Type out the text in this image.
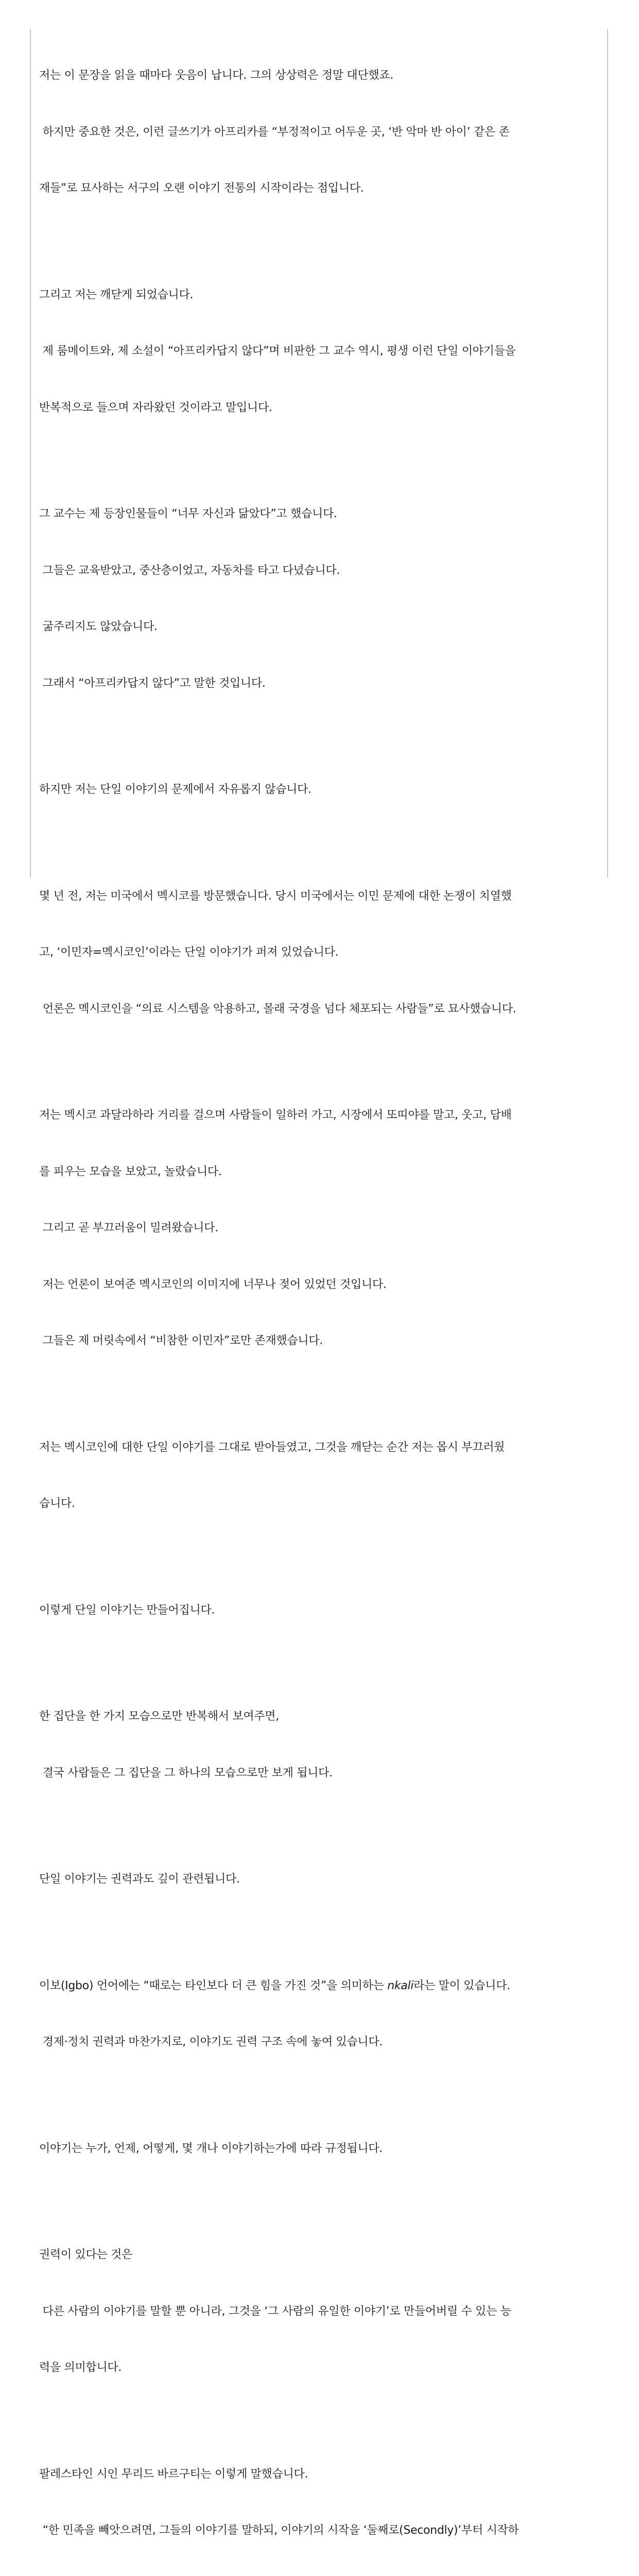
저는 이 문장을 읽을 때마다 웃음이 납니다. 그의 상상력은 정말 대단했죠.

하지만 중요한 것은, 이런 글쓰기가 아프리카를 “부정적이고 어두운 곳, ‘반 악마 반 아이’ 같은 존

재들”로 묘사하는 서구의 오랜 이야기 전통의 시작이라는 점입니다.

그리고 저는 깨닫게 되었습니다.

제 룸메이트와, 제 소설이 “아프리카답지 않다”며 비판한 그 교수 역시, 평생 이런 단일 이야기들을

반복적으로 들으며 자라왔던 것이라고 말입니다.

그 교수는 제 등장인물들이 “너무 자신과 닮았다”고 했습니다.

그들은 교육받았고, 중산층이었고, 자동차를 타고 다녔습니다.

굶주리지도 않았습니다.

그래서 “아프리카답지 않다”고 말한 것입니다.

하지만 저는 단일 이야기의 문제에서 자유롭지 않습니다.

몇 년 전, 저는 미국에서 멕시코를 방문했습니다. 당시 미국에서는 이민 문제에 대한 논쟁이 치열했

고, ‘이민자=멕시코인’이라는 단일 이야기가 퍼져 있었습니다.

언론은 멕시코인을 “의료 시스템을 악용하고, 몰래 국경을 넘다 체포되는 사람들”로 묘사했습니다.

저는 멕시코 과달라하라 거리를 걸으며 사람들이 일하러 가고, 시장에서 또띠야를 말고, 웃고, 담배

를 피우는 모습을 보았고, 놀랐습니다.

그리고 곧 부끄러움이 밀려왔습니다.

저는 언론이 보여준 멕시코인의 이미지에 너무나 젖어 있었던 것입니다.

그들은 제 머릿속에서 “비참한 이민자”로만 존재했습니다.

저는 멕시코인에 대한 단일 이야기를 그대로 받아들였고, 그것을 깨닫는 순간 저는 몹시 부끄러웠

습니다.

이렇게 단일 이야기는 만들어집니다.

한 집단을 한 가지 모습으로만 반복해서 보여주면,

결국 사람들은 그 집단을 그 하나의 모습으로만 보게 됩니다.

단일 이야기는 권력과도 깊이 관련됩니다.

이보(Igbo) 언어에는 “때로는 타인보다 더 큰 힘을 가진 것”을 의미하는 nkali라는 말이 있습니다.

경제·정치 권력과 마찬가지로, 이야기도 권력 구조 속에 놓여 있습니다.

이야기는 누가, 언제, 어떻게, 몇 개나 이야기하는가에 따라 규정됩니다.

권력이 있다는 것은

다른 사람의 이야기를 말할 뿐 아니라, 그것을 ‘그 사람의 유일한 이야기’로 만들어버릴 수 있는 능

력을 의미합니다.

팔레스타인 시인 무리드 바르구티는 이렇게 말했습니다.

“한 민족을 빼앗으려면, 그들의 이야기를 말하되, 이야기의 시작을 ‘둘째로(Secondly)’부터 시작하
